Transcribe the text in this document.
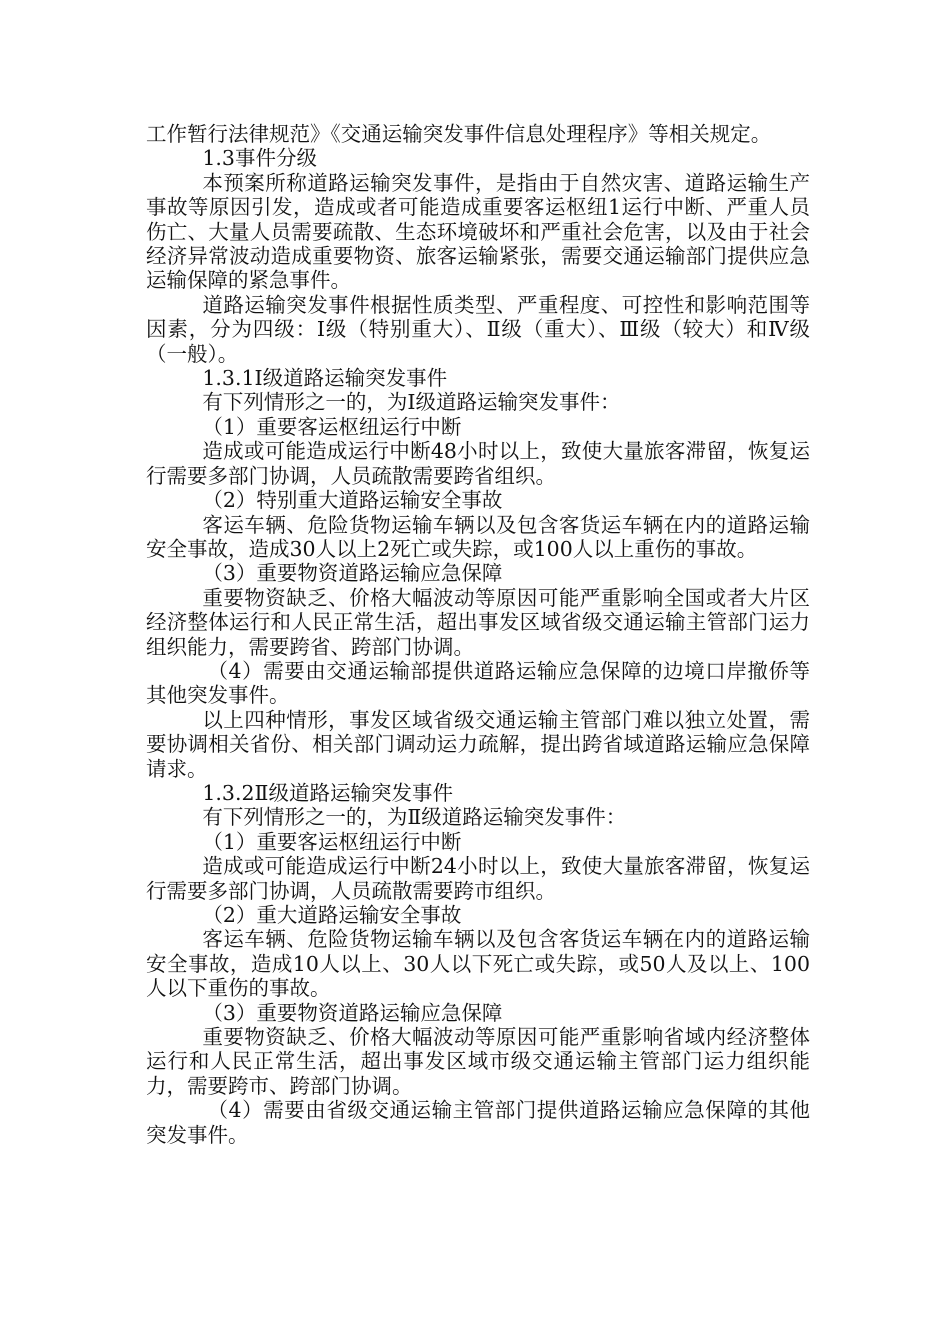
工作暂行法律规范》《交通运输突发事件信息处理程序》等相关规定。

1.3事件分级

本预案所称道路运输突发事件，是指由于自然灾害、道路运输生产事故等原因引发，造成或者可能造成重要客运枢纽1运行中断、严重人员伤亡、大量人员需要疏散、生态环境破坏和严重社会危害，以及由于社会经济异常波动造成重要物资、旅客运输紧张，需要交通运输部门提供应急运输保障的紧急事件。

道路运输突发事件根据性质类型、严重程度、可控性和影响范围等因素，分为四级：Ⅰ级（特别重大）、Ⅱ级（重大）、Ⅲ级（较大）和Ⅳ级（一般）。

1.3.1Ⅰ级道路运输突发事件

有下列情形之一的，为Ⅰ级道路运输突发事件：

（1）重要客运枢纽运行中断

造成或可能造成运行中断48小时以上，致使大量旅客滞留，恢复运行需要多部门协调，人员疏散需要跨省组织。

（2）特别重大道路运输安全事故

客运车辆、危险货物运输车辆以及包含客货运车辆在内的道路运输安全事故，造成30人以上2死亡或失踪，或100人以上重伤的事故。

（3）重要物资道路运输应急保障

重要物资缺乏、价格大幅波动等原因可能严重影响全国或者大片区经济整体运行和人民正常生活，超出事发区域省级交通运输主管部门运力组织能力，需要跨省、跨部门协调。

（4）需要由交通运输部提供道路运输应急保障的边境口岸撤侨等其他突发事件。

以上四种情形，事发区域省级交通运输主管部门难以独立处置，需要协调相关省份、相关部门调动运力疏解，提出跨省域道路运输应急保障请求。

1.3.2Ⅱ级道路运输突发事件

有下列情形之一的，为Ⅱ级道路运输突发事件：

（1）重要客运枢纽运行中断

造成或可能造成运行中断24小时以上，致使大量旅客滞留，恢复运行需要多部门协调，人员疏散需要跨市组织。

（2）重大道路运输安全事故

客运车辆、危险货物运输车辆以及包含客货运车辆在内的道路运输安全事故，造成10人以上、30人以下死亡或失踪，或50人及以上、100人以下重伤的事故。

（3）重要物资道路运输应急保障

重要物资缺乏、价格大幅波动等原因可能严重影响省域内经济整体运行和人民正常生活，超出事发区域市级交通运输主管部门运力组织能力，需要跨市、跨部门协调。

（4）需要由省级交通运输主管部门提供道路运输应急保障的其他突发事件。
